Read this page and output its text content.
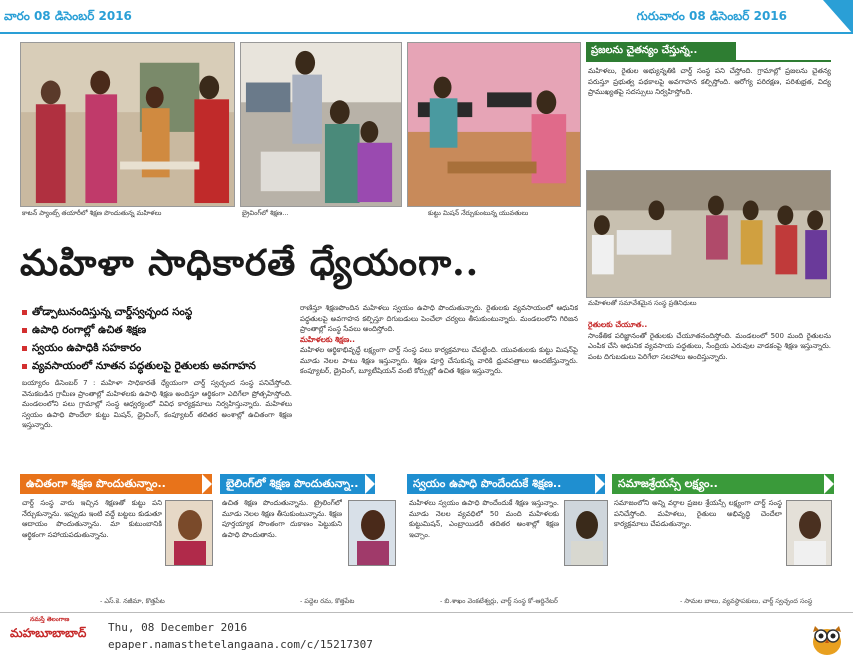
వారం 08 డిసెంబర్ 2016	గురువారం 08 డిసెంబర్ 2016
కాటన్ ప్యాంట్స్ తయారీలో శిక్షణ పొందుతున్న మహిళలు	బ్రైవింగ్‌లో శిక్షణ...	కుట్టు మిషన్ నేర్చుకుంటున్న యువతులు
మహిళా సాధికారతే ధ్యేయంగా..
తోడ్పాటునందిస్తున్న చార్డ్‌స్వచ్ఛంద సంస్థ
ఉపాధి రంగాల్లో ఉచిత శిక్షణ
స్వయం ఉపాధికి సహకారం
వ్యవసాయంలో నూతన పద్ధతులపై రైతులకు అవగాహన
బయ్యారం డిసెంబర్ 7 : మహిళా సాధికారతే ధ్యేయంగా చార్డ్ స్వచ్ఛంద సంస్థ పనిచేస్తోంది. వెనుకబడిన గ్రామీణ ప్రాంతాల్లో మహిళలకు ఉపాధి శిక్షణ అందిస్తూ ఆర్థికంగా ఎదిగేలా ప్రోత్సహిస్తోంది. మండలంలోని పలు గ్రామాల్లో సంస్థ ఆధ్వర్యంలో వివిధ కార్యక్రమాలు నిర్వహిస్తున్నారు. మహిళలు స్వయం ఉపాధి పొందేలా కుట్టు మిషన్, డ్రైవింగ్, కంప్యూటర్ తదితర అంశాల్లో ఉచితంగా శిక్షణ ఇస్తున్నారు.
రాణిస్తూ శిక్షణపొందిన మహిళలు స్వయం ఉపాధి పొందుతున్నారు. రైతులకు వ్యవసాయంలో ఆధునిక పద్ధతులపై అవగాహన కల్పిస్తూ దిగుబడులు పెంచేలా చర్యలు తీసుకుంటున్నారు. మండలంలోని గిరిజన ప్రాంతాల్లో సంస్థ సేవలు అందిస్తోంది.
మహిళలకు శిక్షణ..
మహిళల ఆర్థికాభివృద్ధే లక్ష్యంగా చార్డ్ సంస్థ పలు కార్యక్రమాలు చేపట్టింది. యువతులకు కుట్టు మిషన్‌పై మూడు నెలల పాటు శిక్షణ ఇస్తున్నారు. శిక్షణ పూర్తి చేసుకున్న వారికి ధ్రువపత్రాలు అందజేస్తున్నారు. కంప్యూటర్, డ్రైవింగ్, బ్యూటీషియన్ వంటి కోర్సుల్లో ఉచిత శిక్షణ ఇస్తున్నారు.
ప్రజలను చైతన్యం చేస్తున్న..
మహిళలు, రైతుల అభ్యున్నతికి చార్డ్ సంస్థ పని చేస్తోంది. గ్రామాల్లో ప్రజలను చైతన్య పరుస్తూ ప్రభుత్వ పథకాలపై అవగాహన కల్పిస్తోంది. ఆరోగ్య పరిరక్షణ, పరిశుభ్రత, విద్య ప్రాముఖ్యతపై సదస్సులు నిర్వహిస్తోంది.
మహిళలతో సమావేశమైన సంస్థ ప్రతినిధులు
రైతులకు చేయూత..
సాంకేతిక పరిజ్ఞానంతో రైతులకు చేయూతనందిస్తోంది. మండలంలో 500 మంది రైతులను ఎంపిక చేసి ఆధునిక వ్యవసాయ పద్ధతులు, సేంద్రియ ఎరువుల వాడకంపై శిక్షణ ఇస్తున్నారు. పంట దిగుబడులు పెరిగేలా సలహాలు అందిస్తున్నారు.
ఉచితంగా శిక్షణ పొందుతున్నాం..	బైలింగ్‌లో శిక్షణ పొందుతున్నా..	స్వయం ఉపాధి పొందేందుకే శిక్షణ..	సమాజశ్రేయస్సే లక్ష్యం..
చార్డ్ సంస్థ వారు ఇచ్చిన శిక్షణతో కుట్టు పని నేర్చుకున్నాను. ఇప్పుడు ఇంటి వద్దే బట్టలు కుడుతూ ఆదాయం పొందుతున్నాను. మా కుటుంబానికి ఆర్థికంగా సహాయపడుతున్నాను.
- ఎస్.కె. నజీమా, కొత్తపేట
ఉచిత శిక్షణ పొందుతున్నాను. ట్రైలింగ్‌లో మూడు నెలల శిక్షణ తీసుకుంటున్నాను. శిక్షణ పూర్తయ్యాక సొంతంగా దుకాణం పెట్టుకుని ఉపాధి పొందుతాను.
- పద్దెల రమ, కొత్తపేట
మహిళలు స్వయం ఉపాధి పొందేందుకే శిక్షణ ఇస్తున్నాం. మూడు నెలల వ్యవధిలో 50 మంది మహిళలకు కుట్టుమిషన్, ఎంబ్రాయిడరీ తదితర అంశాల్లో శిక్షణ ఇచ్చాం.
- బి.శాఖం వెంకటేశ్వర్లు, చార్డ్ సంస్థ కో-ఆర్డినేటర్
సమాజంలోని అన్ని వర్గాల ప్రజల శ్రేయస్సే లక్ష్యంగా చార్డ్ సంస్థ పనిచేస్తోంది. మహిళలు, రైతులు అభివృద్ధి చెందేలా కార్యక్రమాలు చేపడుతున్నాం.
- సామల బాలు, వ్యవస్థాపకులు, చార్డ్ స్వచ్ఛంద సంస్థ
నమస్తే తెలంగాణ
మహబూబాబాద్ Thu, 08 December 2016
epaper.namasthetelangaana.com/c/15217307
